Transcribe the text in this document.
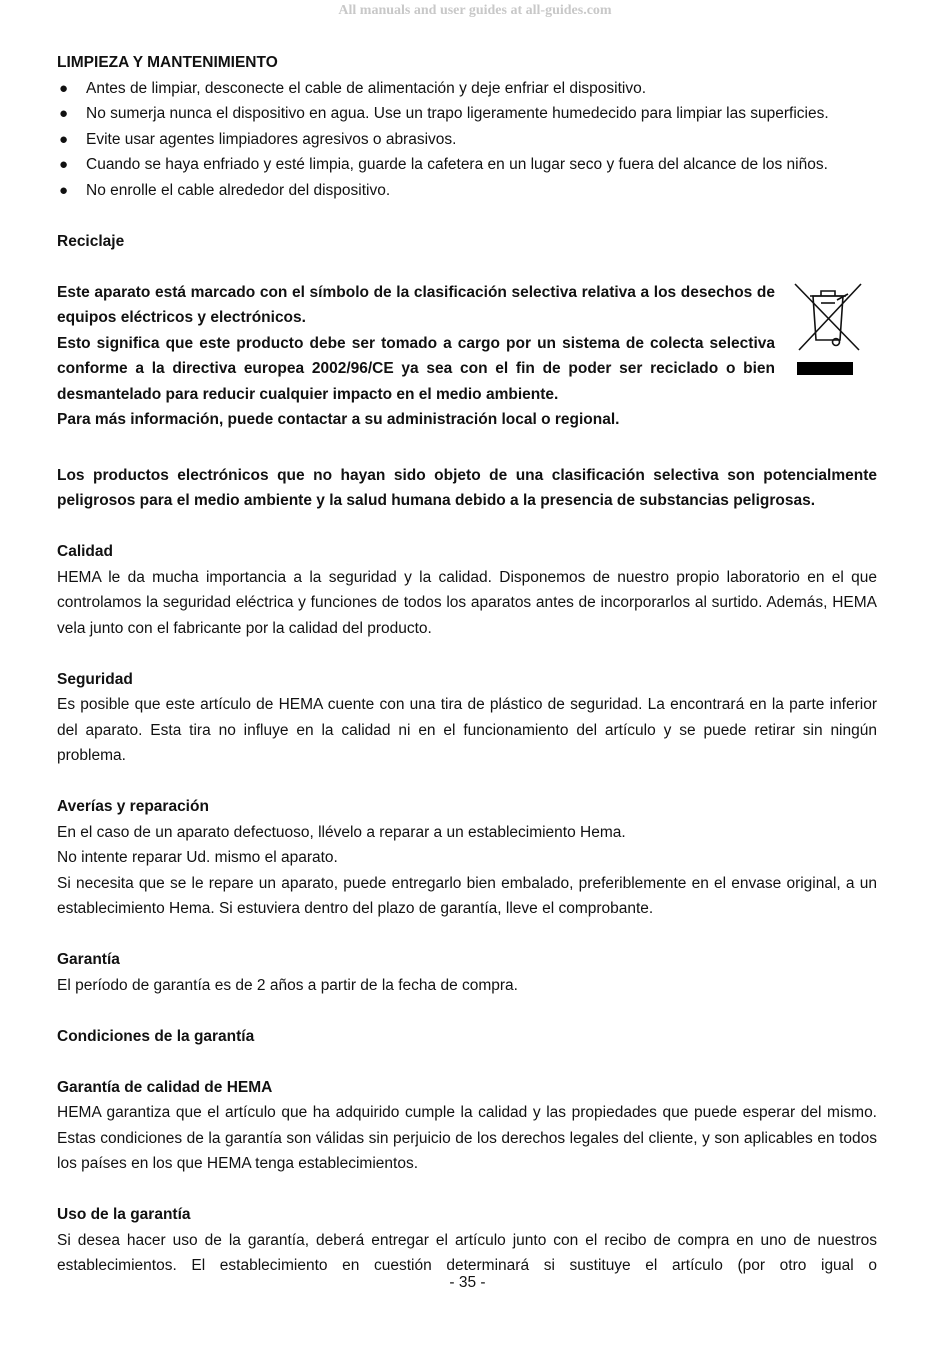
All manuals and user guides at all-guides.com

LIMPIEZA Y MANTENIMIENTO

● Antes de limpiar, desconecte el cable de alimentación y deje enfriar el dispositivo.
● No sumerja nunca el dispositivo en agua. Use un trapo ligeramente humedecido para limpiar las superficies.
● Evite usar agentes limpiadores agresivos o abrasivos.
● Cuando se haya enfriado y esté limpia, guarde la cafetera en un lugar seco y fuera del alcance de los niños.
● No enrolle el cable alrededor del dispositivo.

Reciclaje

Este aparato está marcado con el símbolo de la clasificación selectiva relativa a los desechos de equipos eléctricos y electrónicos.

Esto significa que este producto debe ser tomado a cargo por un sistema de colecta selectiva conforme a la directiva europea 2002/96/CE ya sea con el fin de poder ser reciclado o bien desmantelado para reducir cualquier impacto en el medio ambiente.

Para más información, puede contactar a su administración local o regional.

Los productos electrónicos que no hayan sido objeto de una clasificación selectiva son potencialmente peligrosos para el medio ambiente y la salud humana debido a la presencia de substancias peligrosas.

Calidad

HEMA le da mucha importancia a la seguridad y la calidad. Disponemos de nuestro propio laboratorio en el que controlamos la seguridad eléctrica y funciones de todos los aparatos antes de incorporarlos al surtido. Además, HEMA vela junto con el fabricante por la calidad del producto.

Seguridad

Es posible que este artículo de HEMA cuente con una tira de plástico de seguridad. La encontrará en la parte inferior del aparato. Esta tira no influye en la calidad ni en el funcionamiento del artículo y se puede retirar sin ningún problema.

Averías y reparación

En el caso de un aparato defectuoso, llévelo a reparar a un establecimiento Hema.

No intente reparar Ud. mismo el aparato.

Si necesita que se le repare un aparato, puede entregarlo bien embalado, preferiblemente en el envase original, a un establecimiento Hema. Si estuviera dentro del plazo de garantía, lleve el comprobante.

Garantía

El período de garantía es de 2 años a partir de la fecha de compra.

Condiciones de la garantía

Garantía de calidad de HEMA

HEMA garantiza que el artículo que ha adquirido cumple la calidad y las propiedades que puede esperar del mismo. Estas condiciones de la garantía son válidas sin perjuicio de los derechos legales del cliente, y son aplicables en todos los países en los que HEMA tenga establecimientos.

Uso de la garantía

Si desea hacer uso de la garantía, deberá entregar el artículo junto con el recibo de compra en uno de nuestros establecimientos. El establecimiento en cuestión determinará si sustituye el artículo (por otro igual o

- 35 -
